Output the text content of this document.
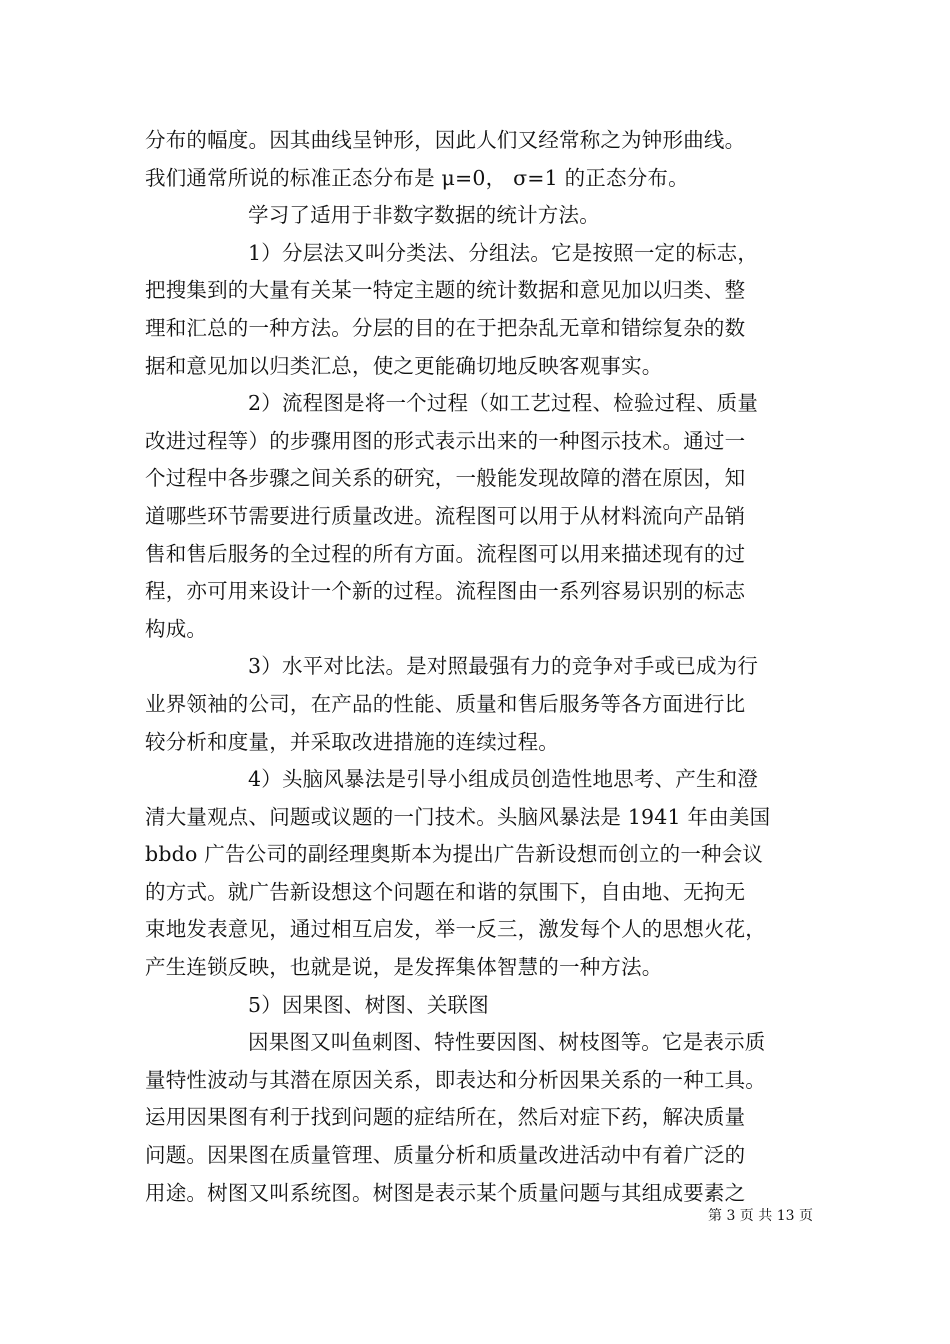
分布的幅度。因其曲线呈钟形，因此人们又经常称之为钟形曲线。
我们通常所说的标准正态分布是 μ=0， σ=1 的正态分布。
学习了适用于非数字数据的统计方法。
1）分层法又叫分类法、分组法。它是按照一定的标志，
把搜集到的大量有关某一特定主题的统计数据和意见加以归类、整
理和汇总的一种方法。分层的目的在于把杂乱无章和错综复杂的数
据和意见加以归类汇总，使之更能确切地反映客观事实。
2）流程图是将一个过程（如工艺过程、检验过程、质量
改进过程等）的步骤用图的形式表示出来的一种图示技术。通过一
个过程中各步骤之间关系的研究，一般能发现故障的潜在原因，知
道哪些环节需要进行质量改进。流程图可以用于从材料流向产品销
售和售后服务的全过程的所有方面。流程图可以用来描述现有的过
程，亦可用来设计一个新的过程。流程图由一系列容易识别的标志
构成。
3）水平对比法。是对照最强有力的竞争对手或已成为行
业界领袖的公司，在产品的性能、质量和售后服务等各方面进行比
较分析和度量，并采取改进措施的连续过程。
4）头脑风暴法是引导小组成员创造性地思考、产生和澄
清大量观点、问题或议题的一门技术。头脑风暴法是 1941 年由美国
bbdo 广告公司的副经理奥斯本为提出广告新设想而创立的一种会议
的方式。就广告新设想这个问题在和谐的氛围下，自由地、无拘无
束地发表意见，通过相互启发，举一反三，激发每个人的思想火花，
产生连锁反映，也就是说，是发挥集体智慧的一种方法。
5）因果图、树图、关联图
因果图又叫鱼刺图、特性要因图、树枝图等。它是表示质
量特性波动与其潜在原因关系，即表达和分析因果关系的一种工具。
运用因果图有利于找到问题的症结所在，然后对症下药，解决质量
问题。因果图在质量管理、质量分析和质量改进活动中有着广泛的
用途。树图又叫系统图。树图是表示某个质量问题与其组成要素之
第 3 页 共 13 页
